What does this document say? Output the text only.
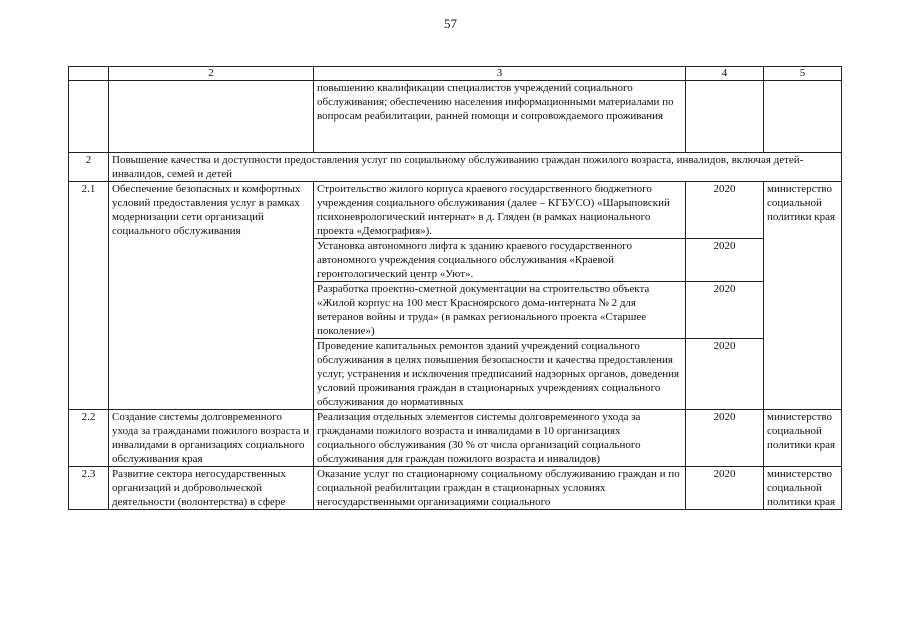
57
	2	3	4	5
		повышению квалификации специалистов учреждений социального обслуживания; обеспечению населения информационными материалами по вопросам реабилитации, ранней помощи и сопровождаемого проживания		
2	Повышение качества и доступности предоставления услуг по социальному обслуживанию граждан пожилого возраста, инвалидов, включая детей-инвалидов, семей и детей			
2.1	Обеспечение безопасных и комфортных условий предоставления услуг в рамках модернизации сети организаций социального обслуживания	Строительство жилого корпуса краевого государственного бюджетного учреждения социального обслуживания (далее – КГБУСО) «Шарыповский психоневрологический интернат» в д. Гляден (в рамках национального проекта «Демография»).	2020	министерство социальной политики края
		Установка автономного лифта к зданию краевого государственного автономного учреждения социального обслуживания «Краевой геронтологический центр «Уют».	2020	
		Разработка проектно-сметной документации на строительство объекта «Жилой корпус на 100 мест Красноярского дома-интерната № 2 для ветеранов войны и труда» (в рамках регионального проекта «Старшее поколение»)	2020	
		Проведение капитальных ремонтов зданий учреждений социального обслуживания в целях повышения безопасности и качества предоставления услуг, устранения и исключения предписаний надзорных органов, доведения условий проживания граждан в стационарных учреждениях социального обслуживания до нормативных	2020	
2.2	Создание системы долговременного ухода за гражданами пожилого возраста и инвалидами в организациях социального обслуживания края	Реализация отдельных элементов системы долговременного ухода за гражданами пожилого возраста и инвалидами в 10 организациях социального обслуживания (30 % от числа организаций социального обслуживания для граждан пожилого возраста и инвалидов)	2020	министерство социальной политики края
2.3	Развитие сектора негосударственных организаций и добровольческой деятельности (волонтерства) в сфере	Оказание услуг по стационарному социальному обслуживанию граждан и по социальной реабилитации граждан в стационарных условиях негосударственными организациями социального	2020	министерство социальной политики края
